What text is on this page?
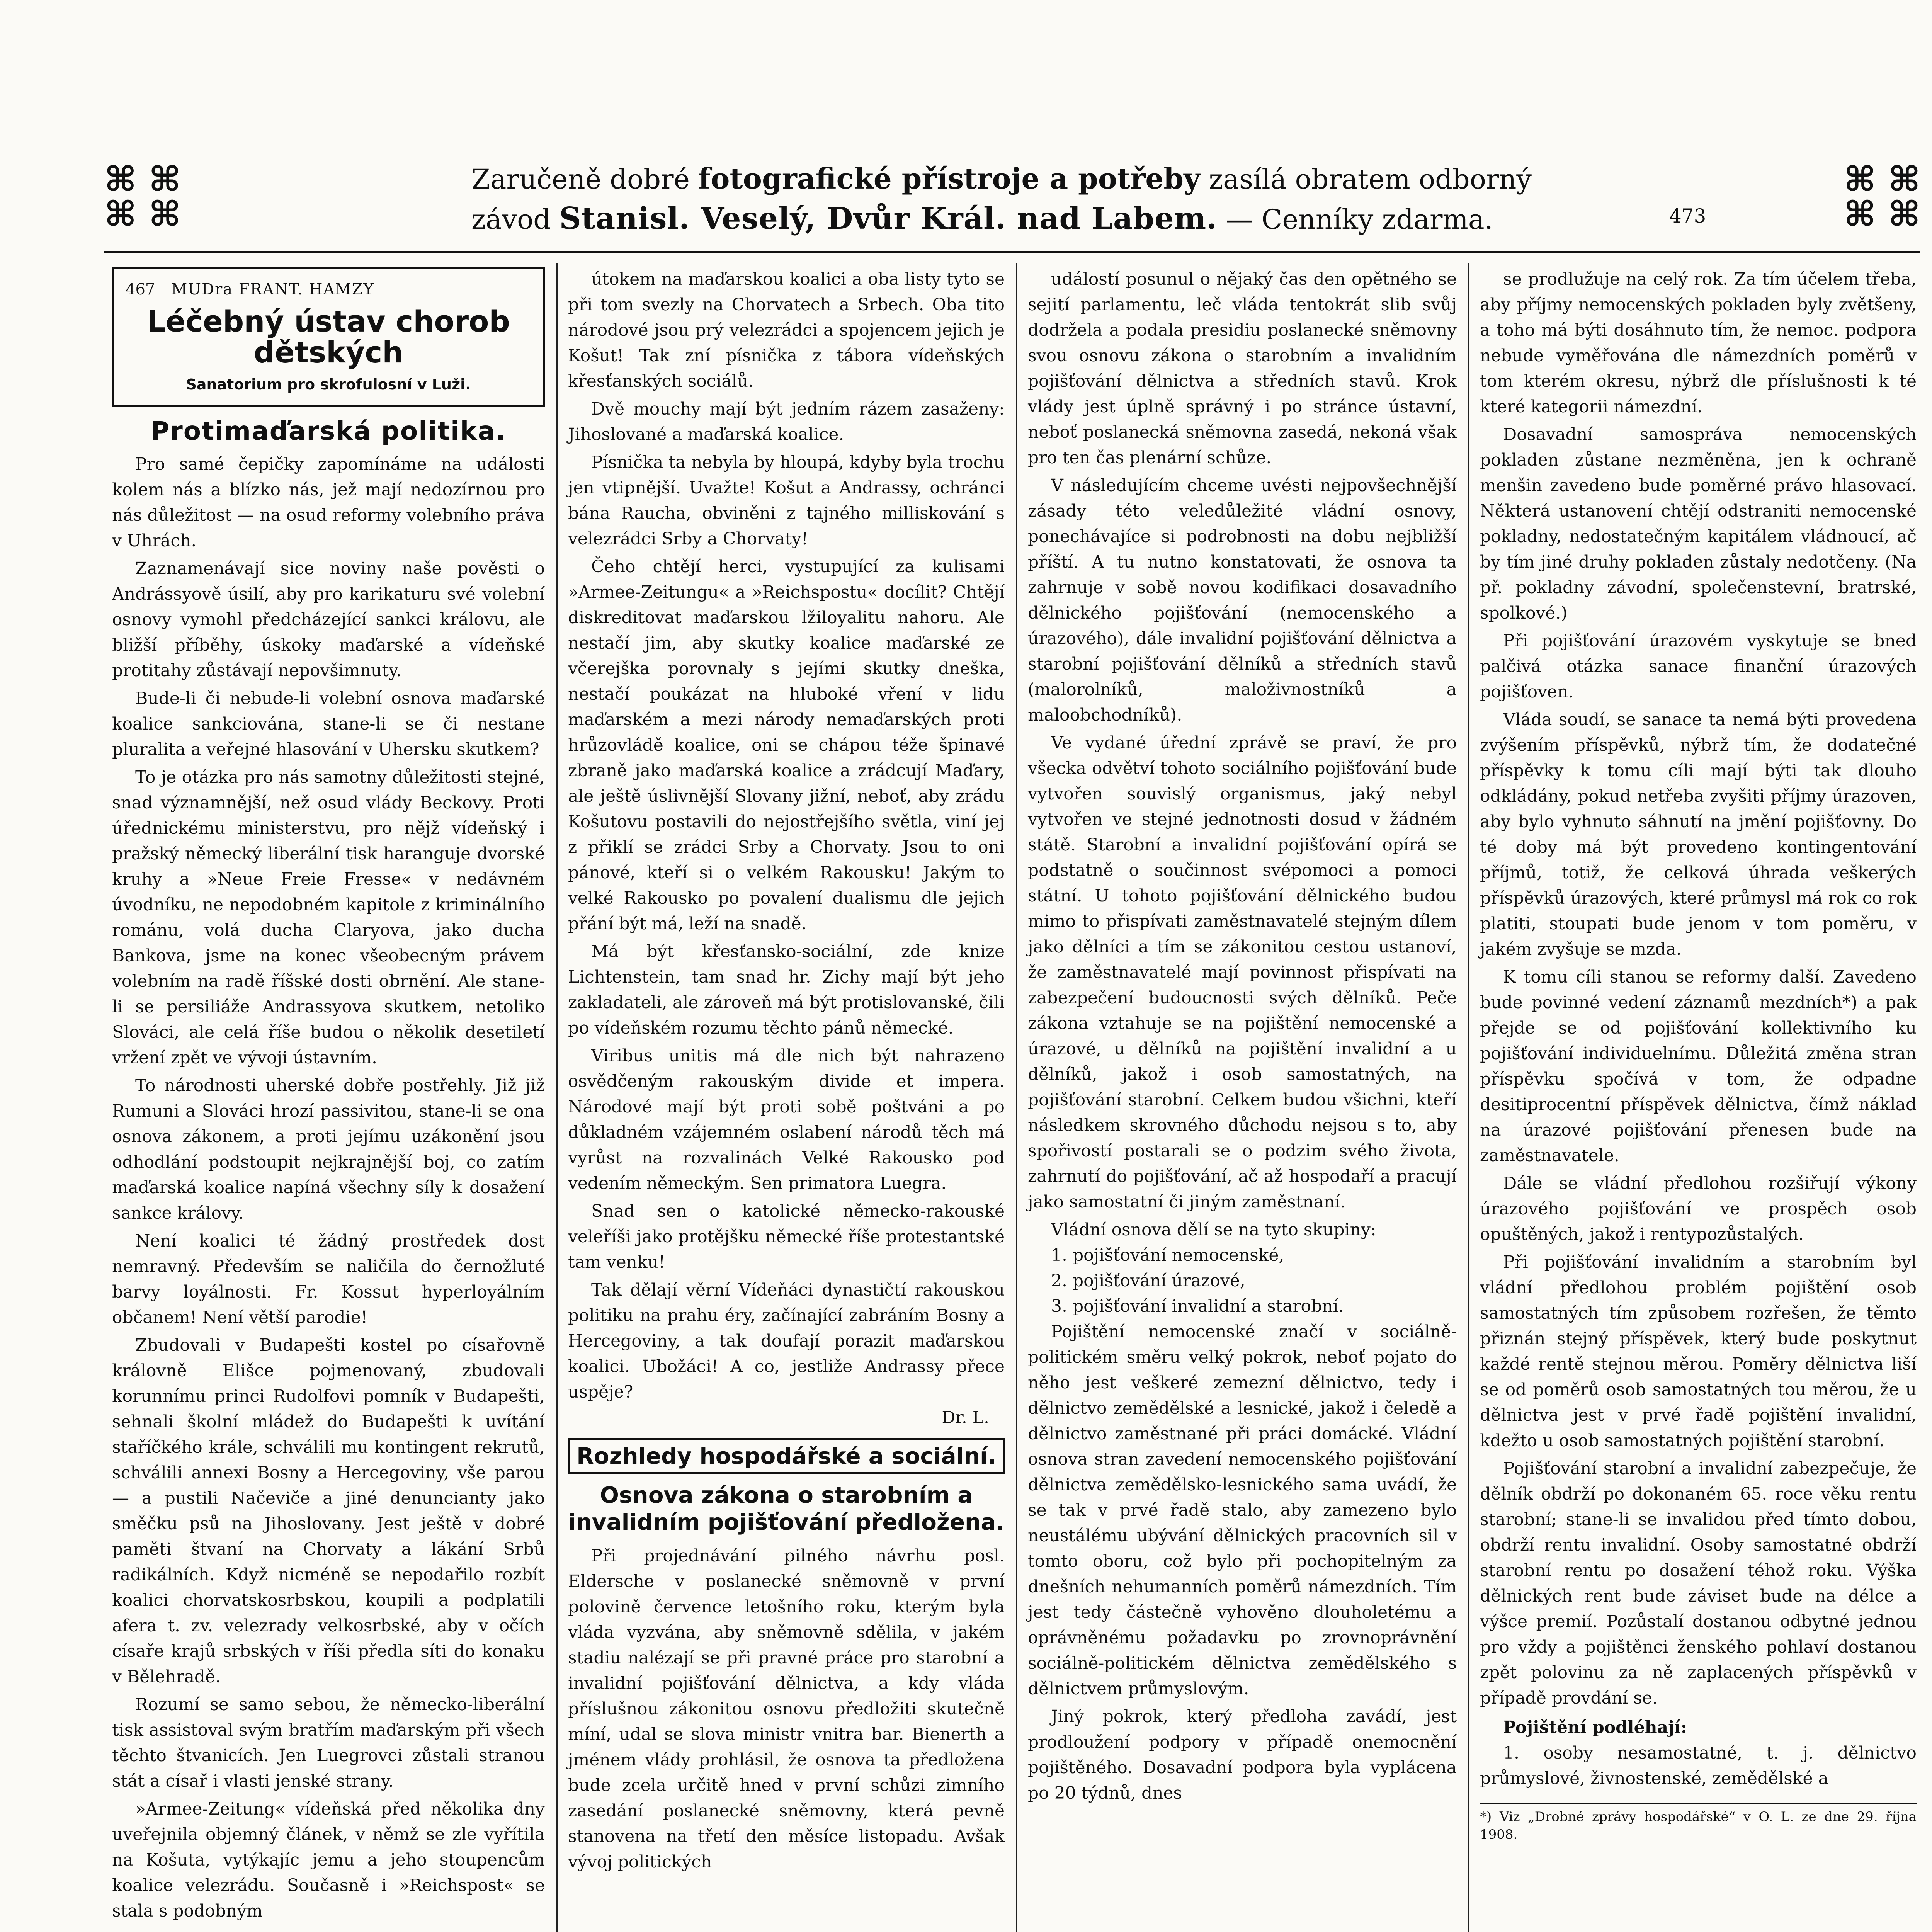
⌘ ⌘
⌘ ⌘
Zaručeně dobré fotografické přístroje a potřeby zasílá obratem odborný
závod Stanisl. Veselý, Dvůr Král. nad Labem. — Cenníky zdarma.	473
⌘ ⌘
⌘ ⌘
467 MUDra FRANT. HAMZY
Léčebný ústav chorob dětských
Sanatorium pro skrofulosní v Luži.
Protimaďarská politika.

Pro samé čepičky zapomínáme na události kolem nás a blízko nás, jež mají nedozírnou pro nás důležitost — na osud reformy volebního práva v Uhrách.

Zaznamenávají sice noviny naše pověsti o Andrássyově úsilí, aby pro karikaturu své volební osnovy vymohl předcházející sankci královu, ale bližší příběhy, úskoky maďarské a vídeňské protitahy zůstávají nepovšimnuty.

Bude-li či nebude-li volební osnova maďarské koalice sankciována, stane-li se či nestane pluralita a veřejné hlasování v Uhersku skutkem?

To je otázka pro nás samotny důležitosti stejné, snad významnější, než osud vlády Beckovy. Proti úřednickému ministerstvu, pro nějž vídeňský i pražský německý liberální tisk haranguje dvorské kruhy a »Neue Freie Fresse« v nedávném úvodníku, ne nepodobném kapitole z kriminálního románu, volá ducha Claryova, jako ducha Bankova, jsme na konec všeobecným právem volebním na radě říšské dosti obrnění. Ale stane-li se persiliáže Andrassyova skutkem, netoliko Slováci, ale celá říše budou o několik desetiletí vržení zpět ve vývoji ústavním.

To národnosti uherské dobře postřehly. Již již Rumuni a Slováci hrozí passivitou, stane-li se ona osnova zákonem, a proti jejímu uzákonění jsou odhodlání podstoupit nejkrajnější boj, co zatím maďarská koalice napíná všechny síly k dosažení sankce královy.

Není koalici té žádný prostředek dost nemravný. Především se naličila do černožluté barvy loyálnosti. Fr. Kossut hyperloyálním občanem! Není větší parodie!

Zbudovali v Budapešti kostel po císařovně královně Elišce pojmenovaný, zbudovali korunnímu princi Rudolfovi pomník v Budapešti, sehnali školní mládež do Budapešti k uvítání staříčkého krále, schválili mu kontingent rekrutů, schválili annexi Bosny a Hercegoviny, vše parou — a pustili Načeviče a jiné denuncianty jako směčku psů na Jihoslovany. Jest ještě v dobré paměti štvaní na Chorvaty a lákání Srbů radikálních. Když nicméně se nepodařilo rozbít koalici chorvatskosrbskou, koupili a podplatili afera t. zv. velezrady velkosrbské, aby v očích císaře krajů srbských v říši předla síti do konaku v Bělehradě.

Rozumí se samo sebou, že německo-liberální tisk assistoval svým bratřím maďarským při všech těchto štvanicích. Jen Luegrovci zůstali stranou stát a císař i vlasti jenské strany.

»Armee-Zeitung« vídeňská před několika dny uveřejnila objemný článek, v němž se zle vyřítila na Košuta, vytýkajíc jemu a jeho stoupencům koalice velezrádu. Současně i »Reichspost« se stala s podobným

útokem na maďarskou koalici a oba listy tyto se při tom svezly na Chorvatech a Srbech. Oba tito národové jsou prý velezrádci a spojencem jejich je Košut! Tak zní písnička z tábora vídeňských křesťanských sociálů.

Dvě mouchy mají být jedním rázem zasaženy: Jihoslované a maďarská koalice.

Písnička ta nebyla by hloupá, kdyby byla trochu jen vtipnější. Uvažte! Košut a Andrassy, ochránci bána Raucha, obviněni z tajného milliskování s velezrádci Srby a Chorvaty!

Čeho chtějí herci, vystupující za kulisami »Armee-Zeitungu« a »Reichspostu« docílit? Chtějí diskreditovat maďarskou lžiloyalitu nahoru. Ale nestačí jim, aby skutky koalice maďarské ze včerejška porovnaly s jejími skutky dneška, nestačí poukázat na hluboké vření v lidu maďarském a mezi národy nemaďarských proti hrůzovládě koalice, oni se chápou téže špinavé zbraně jako maďarská koalice a zrádcují Maďary, ale ještě úslivnější Slovany jižní, neboť, aby zrádu Košutovu postavili do nejostřejšího světla, viní jej z přiklí se zrádci Srby a Chorvaty. Jsou to oni pánové, kteří si o velkém Rakousku! Jakým to velké Rakousko po povalení dualismu dle jejich přání být má, leží na snadě.

Má být křesťansko-sociální, zde knize Lichtenstein, tam snad hr. Zichy mají být jeho zakladateli, ale zároveň má být protislovanské, čili po vídeňském rozumu těchto pánů německé.

Viribus unitis má dle nich být nahrazeno osvědčeným rakouským divide et impera. Národové mají být proti sobě poštváni a po důkladném vzájemném oslabení národů těch má vyrůst na rozvalinách Velké Rakousko pod vedením německým. Sen primatora Luegra.

Snad sen o katolické německo-rakouské veleříši jako protějšku německé říše protestantské tam venku!

Tak dělají věrní Vídeňáci dynastičtí rakouskou politiku na prahu éry, začínající zabráním Bosny a Hercegoviny, a tak doufají porazit maďarskou koalici. Ubožáci! A co, jestliže Andrassy přece uspěje?

Dr. L.
Rozhledy hospodářské a sociální.
Osnova zákona o starobním a invalidním pojišťování předložena.

Při projednávání pilného návrhu posl. Eldersche v poslanecké sněmovně v první polovině července letošního roku, kterým byla vláda vyzvána, aby sněmovně sdělila, v jakém stadiu nalézají se při pravné práce pro starobní a invalidní pojišťování dělnictva, a kdy vláda příslušnou zákonitou osnovu předložiti skutečně míní, udal se slova ministr vnitra bar. Bienerth a jménem vlády prohlásil, že osnova ta předložena bude zcela určitě hned v první schůzi zimního zasedání poslanecké sněmovny, která pevně stanovena na třetí den měsíce listopadu. Avšak vývoj politických

událostí posunul o nějaký čas den opětného se sejití parlamentu, leč vláda tentokrát slib svůj dodržela a podala presidiu poslanecké sněmovny svou osnovu zákona o starobním a invalidním pojišťování dělnictva a středních stavů. Krok vlády jest úplně správný i po stránce ústavní, neboť poslanecká sněmovna zasedá, nekoná však pro ten čas plenární schůze.

V následujícím chceme uvésti nejpovšechnější zásady této veledůležité vládní osnovy, ponechávajíce si podrobnosti na dobu nejbližší příští. A tu nutno konstatovati, že osnova ta zahrnuje v sobě novou kodifikaci dosavadního dělnického pojišťování (nemocenského a úrazového), dále invalidní pojišťování dělnictva a starobní pojišťování dělníků a středních stavů (malorolníků, maloživnostníků a maloobchodníků).

Ve vydané úřední zprávě se praví, že pro všecka odvětví tohoto sociálního pojišťování bude vytvořen souvislý organismus, jaký nebyl vytvořen ve stejné jednotnosti dosud v žádném státě. Starobní a invalidní pojišťování opírá se podstatně o součinnost svépomoci a pomoci státní. U tohoto pojišťování dělnického budou mimo to přispívati zaměstnavatelé stejným dílem jako dělníci a tím se zákonitou cestou ustanoví, že zaměstnavatelé mají povinnost přispívati na zabezpečení budoucnosti svých dělníků. Peče zákona vztahuje se na pojištění nemocenské a úrazové, u dělníků na pojištění invalidní a u dělníků, jakož i osob samostatných, na pojišťování starobní. Celkem budou všichni, kteří následkem skrovného důchodu nejsou s to, aby spořivostí postarali se o podzim svého života, zahrnutí do pojišťování, ač až hospodaří a pracují jako samostatní či jiným zaměstnaní.

Vládní osnova dělí se na tyto skupiny:

1. pojišťování nemocenské,
2. pojišťování úrazové,
3. pojišťování invalidní a starobní.

Pojištění nemocenské značí v sociálně-politickém směru velký pokrok, neboť pojato do něho jest veškeré zemezní dělnictvo, tedy i dělnictvo zemědělské a lesnické, jakož i čeledě a dělnictvo zaměstnané při práci domácké. Vládní osnova stran zavedení nemocenského pojišťování dělnictva zemědělsko-lesnického sama uvádí, že se tak v prvé řadě stalo, aby zamezeno bylo neustálému ubývání dělnických pracovních sil v tomto oboru, což bylo při pochopitelným za dnešních nehumanních poměrů námezdních. Tím jest tedy částečně vyhověno dlouholetému a oprávněnému požadavku po zrovnoprávnění sociálně-politickém dělnictva zemědělského s dělnictvem průmyslovým.

Jiný pokrok, který předloha zavádí, jest prodloužení podpory v případě onemocnění pojištěného. Dosavadní podpora byla vyplácena po 20 týdnů, dnes

se prodlužuje na celý rok. Za tím účelem třeba, aby příjmy nemocenských pokladen byly zvětšeny, a toho má býti dosáhnuto tím, že nemoc. podpora nebude vyměřována dle námezdních poměrů v tom kterém okresu, nýbrž dle příslušnosti k té které kategorii námezdní.

Dosavadní samospráva nemocenských pokladen zůstane nezměněna, jen k ochraně menšin zavedeno bude poměrné právo hlasovací. Některá ustanovení chtějí odstraniti nemocenské pokladny, nedostatečným kapitálem vládnoucí, ač by tím jiné druhy pokladen zůstaly nedotčeny. (Na př. pokladny závodní, společenstevní, bratrské, spolkové.)

Při pojišťování úrazovém vyskytuje se bned palčivá otázka sanace finanční úrazových pojišťoven.

Vláda soudí, se sanace ta nemá býti provedena zvýšením příspěvků, nýbrž tím, že dodatečné příspěvky k tomu cíli mají býti tak dlouho odkládány, pokud netřeba zvyšiti příjmy úrazoven, aby bylo vyhnuto sáhnutí na jmění pojišťovny. Do té doby má být provedeno kontingentování příjmů, totiž, že celková úhrada veškerých příspěvků úrazových, které průmysl má rok co rok platiti, stoupati bude jenom v tom poměru, v jakém zvyšuje se mzda.

K tomu cíli stanou se reformy další. Zavedeno bude povinné vedení záznamů mezdních*) a pak přejde se od pojišťování kollektivního ku pojišťování individuelnímu. Důležitá změna stran příspěvku spočívá v tom, že odpadne desitiprocentní příspěvek dělnictva, čímž náklad na úrazové pojišťování přenesen bude na zaměstnavatele.

Dále se vládní předlohou rozšiřují výkony úrazového pojišťování ve prospěch osob opuštěných, jakož i rentypozůstalých.

Při pojišťování invalidním a starobním byl vládní předlohou problém pojištění osob samostatných tím způsobem rozřešen, že těmto přiznán stejný příspěvek, který bude poskytnut každé rentě stejnou měrou. Poměry dělnictva liší se od poměrů osob samostatných tou měrou, že u dělnictva jest v prvé řadě pojištění invalidní, kdežto u osob samostatných pojištění starobní.

Pojišťování starobní a invalidní zabezpečuje, že dělník obdrží po dokonaném 65. roce věku rentu starobní; stane-li se invalidou před tímto dobou, obdrží rentu invalidní. Osoby samostatné obdrží starobní rentu po dosažení téhož roku. Výška dělnických rent bude záviset bude na délce a výšce premií. Pozůstalí dostanou odbytné jednou pro vždy a pojištěnci ženského pohlaví dostanou zpět polovinu za ně zaplacených příspěvků v případě provdání se.

Pojištění podléhají:

1. osoby nesamostatné, t. j. dělnictvo průmyslové, živnostenské, zemědělské a

*) Viz „Drobné zprávy hospodářské“ v O. L. ze dne 29. října 1908.
